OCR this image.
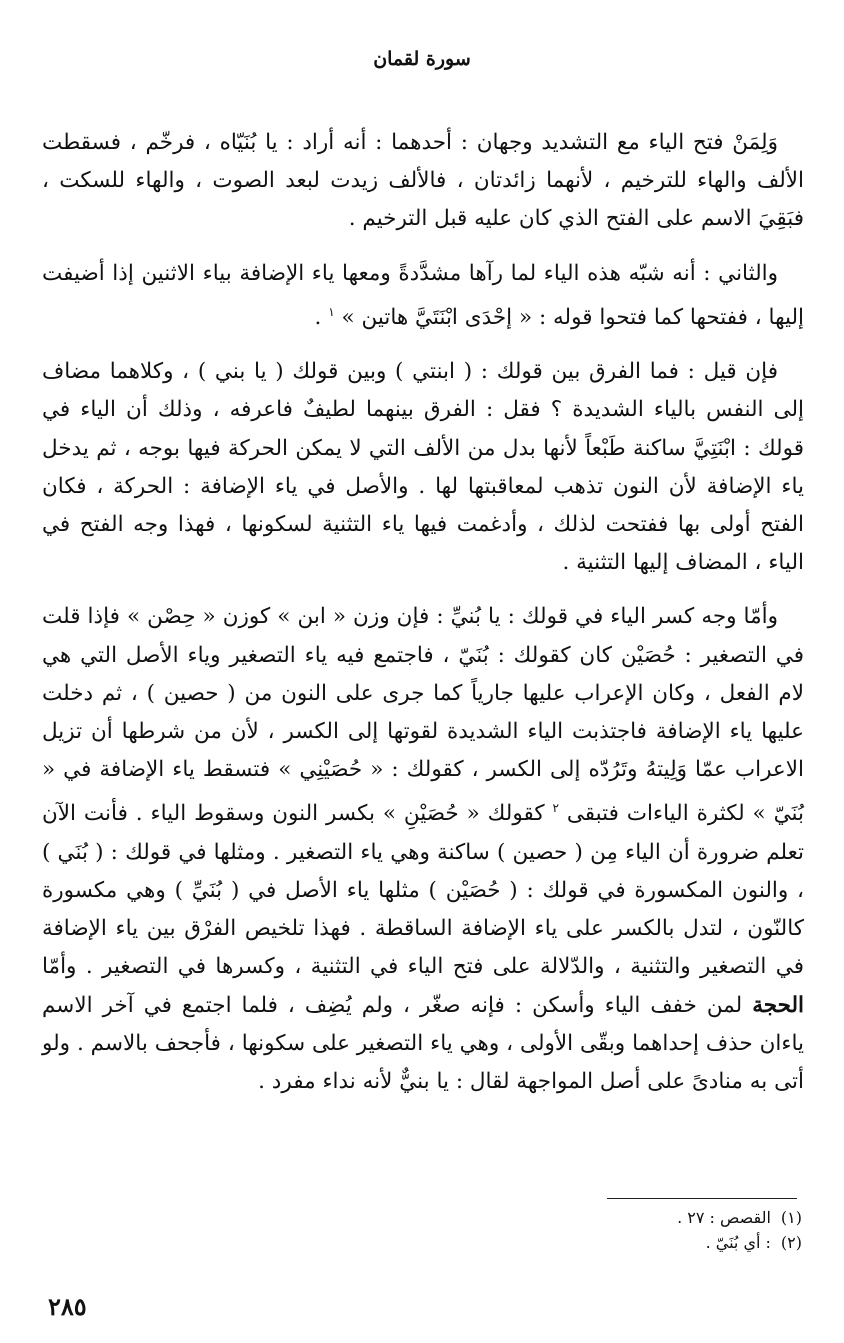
سورة لقمان

وَلِمَنْ فتح الياء مع التشديد وجهان : أحدهما : أنه أراد : يا بُنَيّاه ، فرخّم ، فسقطت الألف والهاء للترخيم ، لأنهما زائدتان ، فالألف زيدت لبعد الصوت ، والهاء للسكت ، فبَقِيَ الاسم على الفتح الذي كان عليه قبل الترخيم .

والثاني : أنه شبّه هذه الياء لما رآها مشدَّدةً ومعها ياء الإضافة بياء الاثنين إذا أضيفت إليها ، ففتحها كما فتحوا قوله : « إحْدَى ابْنَتَيَّ هاتين » $^١$ .

فإن قيل : فما الفرق بين قولك : ( ابنتي ) وبين قولك ( يا بني ) ، وكلاهما مضاف إلى النفس بالياء الشديدة ؟ فقل : الفرق بينهما لطيفٌ فاعرفه ، وذلك أن الياء في قولك : ابْنَتِيَّ ساكنة طَبْعاً لأنها بدل من الألف التي لا يمكن الحركة فيها بوجه ، ثم يدخل ياء الإضافة لأن النون تذهب لمعاقبتها لها . والأصل في ياء الإضافة : الحركة ، فكان الفتح أولى بها ففتحت لذلك ، وأدغمت فيها ياء التثنية لسكونها ، فهذا وجه الفتح في الياء ، المضاف إليها التثنية .

وأمّا وجه كسر الياء في قولك : يا بُنيِّ : فإن وزن « ابن » كوزن « حِصْن » فإذا قلت في التصغير : حُصَيْن كان كقولك : بُنَيّ ، فاجتمع فيه ياء التصغير وياء الأصل التي هي لام الفعل ، وكان الإعراب عليها جارياً كما جرى على النون من ( حصين ) ، ثم دخلت عليها ياء الإضافة فاجتذبت الياء الشديدة لقوتها إلى الكسر ، لأن من شرطها أن تزيل الاعراب عمّا وَلِيتهُ وتَرُدّه إلى الكسر ، كقولك : « حُصَيْنِي » فتسقط ياء الإضافة في « بُنَيّ » لكثرة الياءات فتبقى $^٢$ كقولك « حُصَيْنِ » بكسر النون وسقوط الياء . فأنت الآن تعلم ضرورة أن الياء مِن ( حصين ) ساكنة وهي ياء التصغير . ومثلها في قولك : ( بُنَي ) ، والنون المكسورة في قولك : ( حُصَيْن ) مثلها ياء الأصل في ( بُنَيِّ ) وهي مكسورة كالنّون ، لتدل بالكسر على ياء الإضافة الساقطة . فهذا تلخيص الفرْق بين ياء الإضافة في التصغير والتثنية ، والدّلالة على فتح الياء في التثنية ، وكسرها في التصغير . وأمّا الحجة لمن خفف الياء وأسكن : فإنه صغّر ، ولم يُضِف ، فلما اجتمع في آخر الاسم ياءان حذف إحداهما وبقّى الأولى ، وهي ياء التصغير على سكونها ، فأجحف بالاسم . ولو أتى به منادىً على أصل المواجهة لقال : يا بنيٌّ لأنه نداء مفرد .

(١)القصص : ٢٧ .

(٢): أي بُنَيّ .

٢٨٥
